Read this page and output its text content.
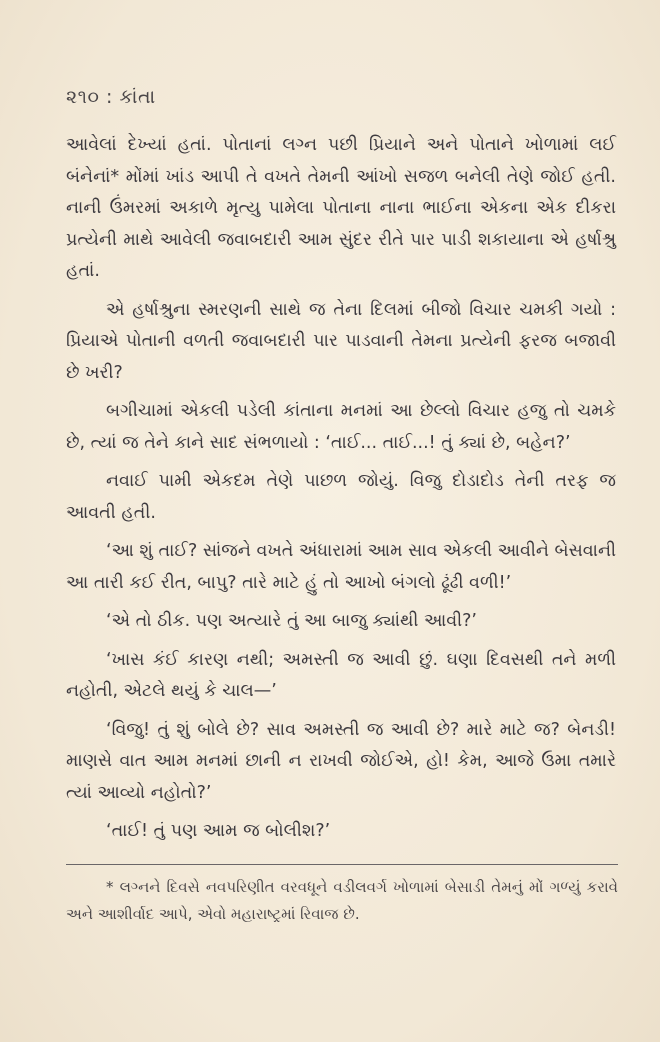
૨૧૦ : કાંતા

આવેલાં દેખ્યાં હતાં. પોતાનાં લગ્ન પછી પ્રિયાને અને પોતાને ખોળામાં લઈ બંનેનાં* મોંમાં ખાંડ આપી તે વખતે તેમની આંખો સજળ બનેલી તેણે જોઈ હતી. નાની ઉંમરમાં અકાળે મૃત્યુ પામેલા પોતાના નાના ભાઈના એકના એક દીકરા પ્રત્યેની માથે આવેલી જવાબદારી આમ સુંદર રીતે પાર પાડી શકાયાના એ હર્ષાશ્રુ હતાં.

એ હર્ષાશ્રુના સ્મરણની સાથે જ તેના દિલમાં બીજો વિચાર ચમકી ગયો : પ્રિયાએ પોતાની વળતી જવાબદારી પાર પાડવાની તેમના પ્રત્યેની ફરજ બજાવી છે ખરી?

બગીચામાં એકલી પડેલી કાંતાના મનમાં આ છેલ્લો વિચાર હજુ તો ચમકે છે, ત્યાં જ તેને કાને સાદ સંભળાયો : ‘તાઈ... તાઈ...! તું ક્યાં છે, બહેન?’

નવાઈ પામી એકદમ તેણે પાછળ જોયું. વિજુ દોડાદોડ તેની તરફ જ આવતી હતી.

‘આ શું તાઈ? સાંજને વખતે અંધારામાં આમ સાવ એકલી આવીને બેસવાની આ તારી કઈ રીત, બાપુ? તારે માટે હું તો આખો બંગલો ઢૂંઢી વળી!’

‘એ તો ઠીક. પણ અત્યારે તું આ બાજુ ક્યાંથી આવી?’

‘ખાસ કંઈ કારણ નથી; અમસ્તી જ આવી છું. ઘણા દિવસથી તને મળી નહોતી, એટલે થયું કે ચાલ—’

‘વિજુ! તું શું બોલે છે? સાવ અમસ્તી જ આવી છે? મારે માટે જ? બેનડી! માણસે વાત આમ મનમાં છાની ન રાખવી જોઈએ, હો! કેમ, આજે ઉમા તમારે ત્યાં આવ્યો નહોતો?’

‘તાઈ! તું પણ આમ જ બોલીશ?’

* લગ્નને દિવસે નવપરિણીત વરવધૂને વડીલવર્ગ ખોળામાં બેસાડી તેમનું મોં ગળ્યું કરાવે અને આશીર્વાદ આપે, એવો મહારાષ્ટ્રમાં રિવાજ છે.
